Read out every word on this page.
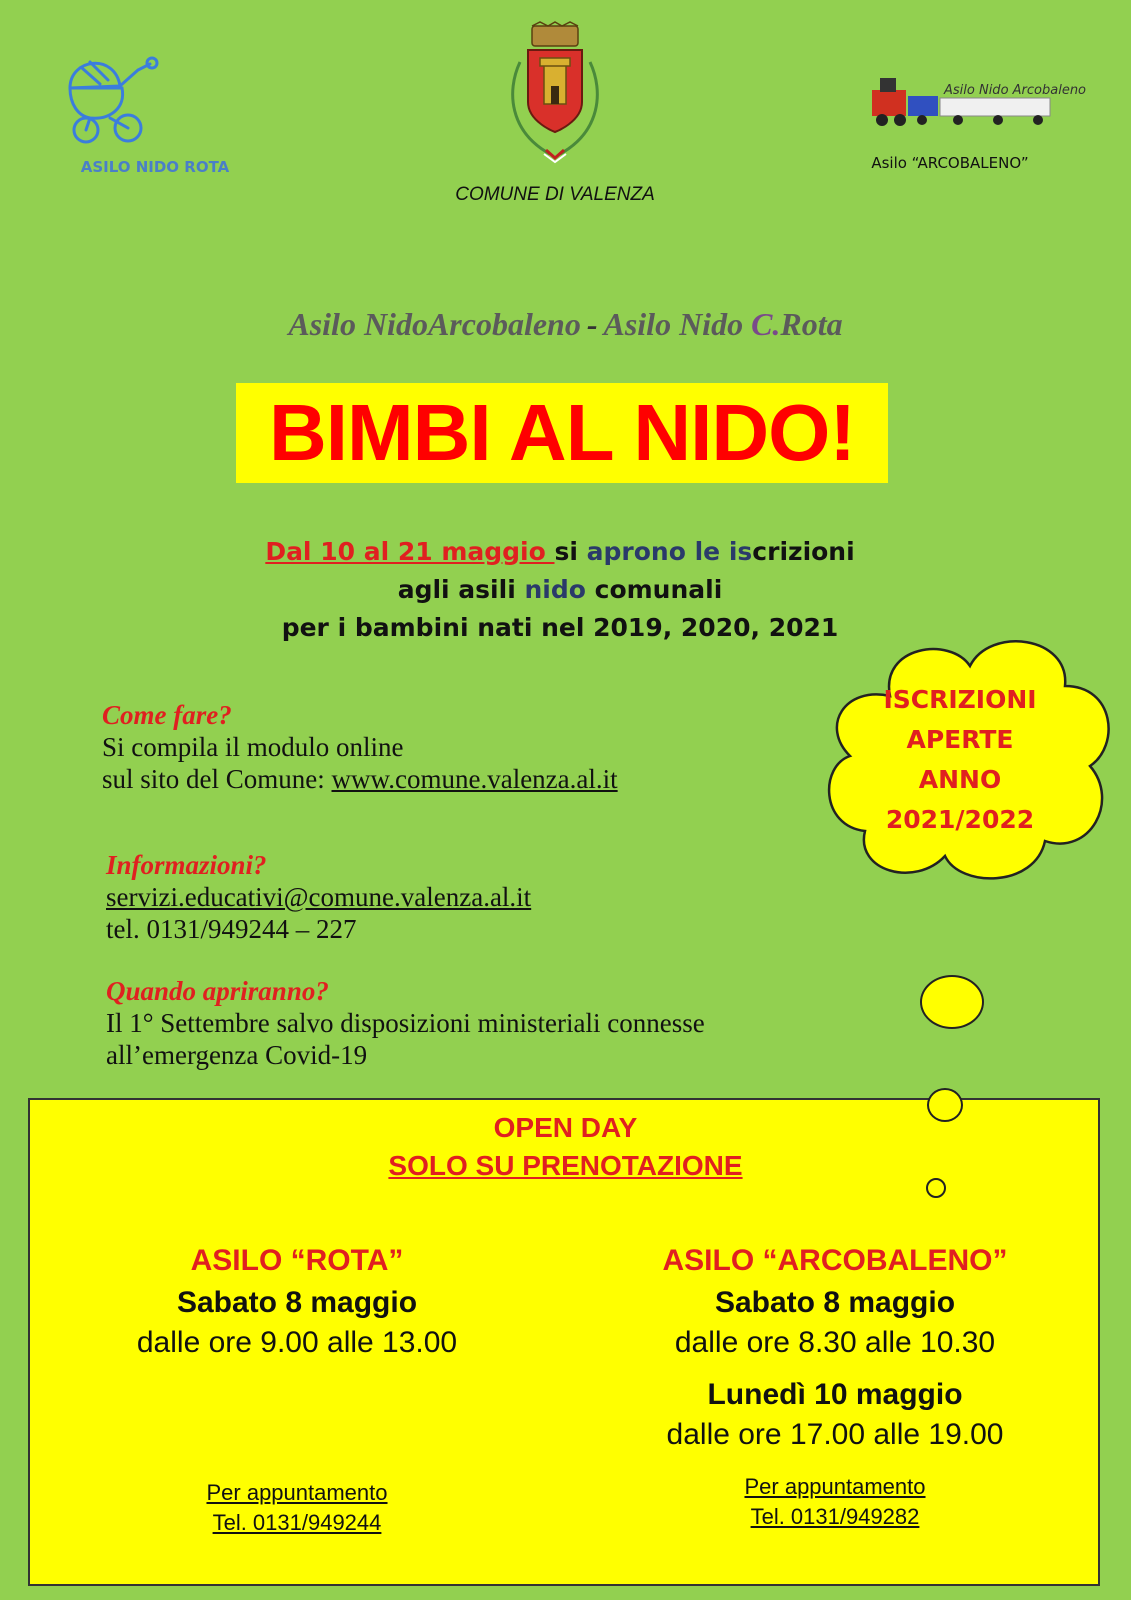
ASILO NIDO ROTA
COMUNE DI VALENZA
Asilo Nido Arcobaleno
Asilo “ARCOBALENO”
Asilo NidoArcobaleno - Asilo Nido C.Rota
BIMBI AL NIDO!
Dal 10 al 21 maggio si aprono le iscrizioni
agli asili nido comunali
per i bambini nati nel 2019, 2020, 2021
Come fare?
Si compila il modulo online
sul sito del Comune: www.comune.valenza.al.it
Informazioni?
servizi.educativi@comune.valenza.al.it
tel. 0131/949244 – 227
Quando apriranno?
Il 1° Settembre salvo disposizioni ministeriali connesse
all’emergenza Covid-19
ISCRIZIONI
APERTE
ANNO
2021/2022
OPEN DAY
SOLO SU PRENOTAZIONE
ASILO “ROTA”
Sabato 8 maggio
dalle ore 9.00 alle 13.00
ASILO “ARCOBALENO”
Sabato 8 maggio
dalle ore 8.30 alle 10.30
Lunedì 10 maggio
dalle ore 17.00 alle 19.00
Per appuntamento
Tel. 0131/949244
Per appuntamento
Tel. 0131/949282
